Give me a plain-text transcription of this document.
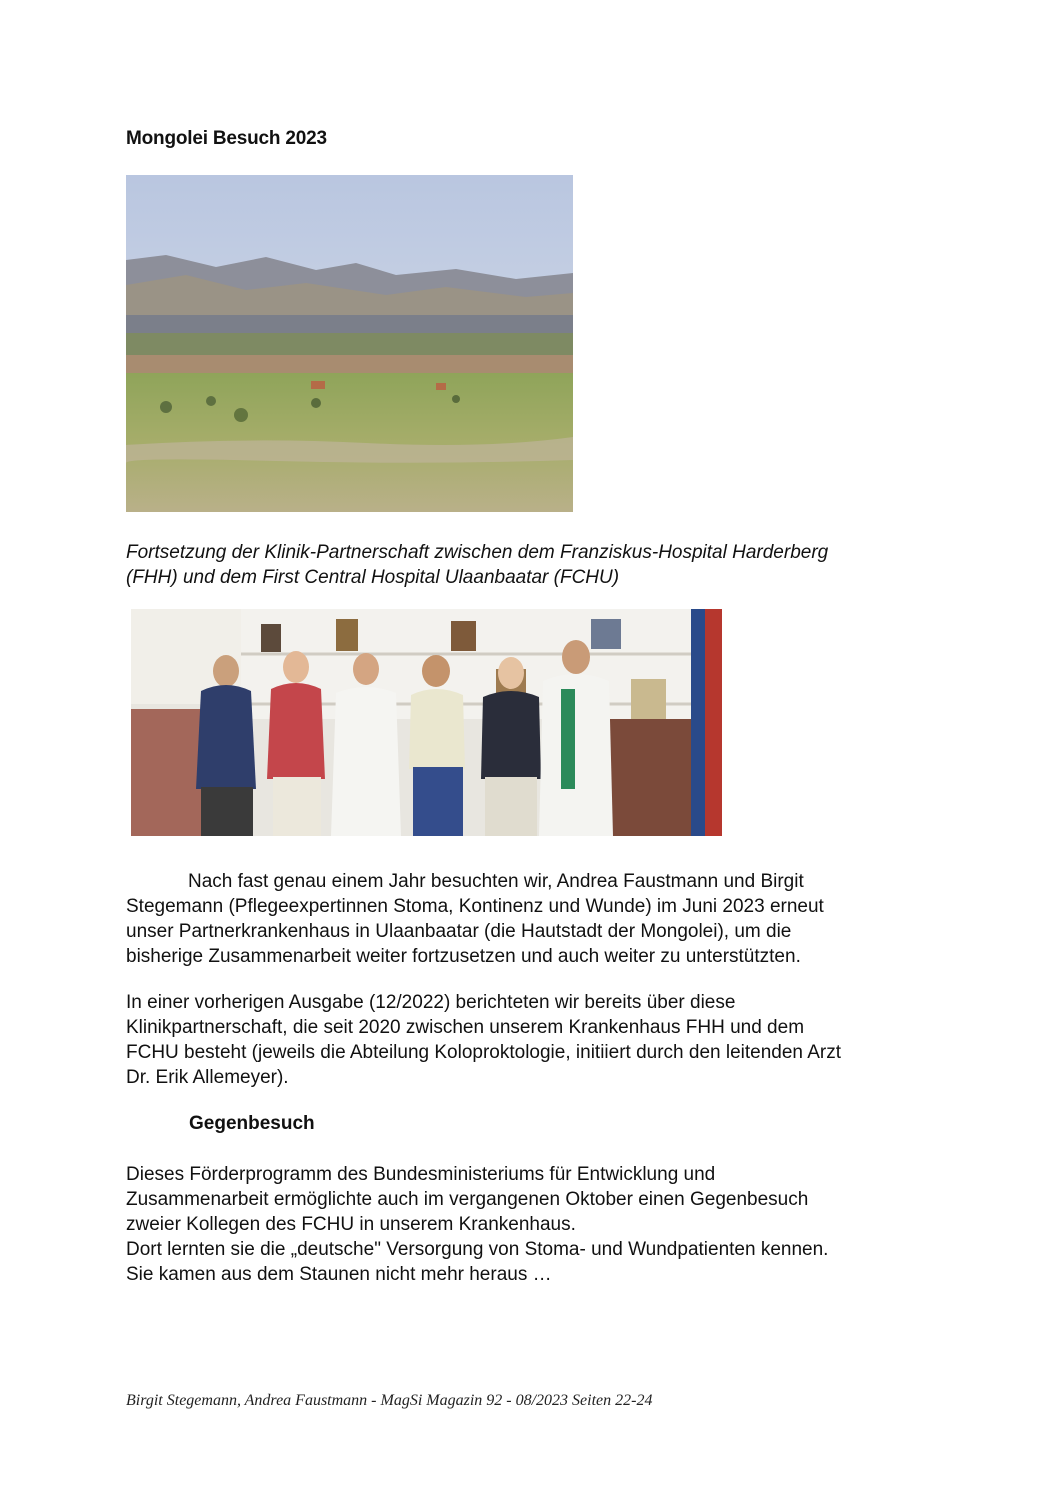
Mongolei Besuch 2023
Fortsetzung der Klinik-Partnerschaft zwischen dem Franziskus-Hospital Harderberg
(FHH) und dem First Central Hospital Ulaanbaatar (FCHU)
Nach fast genau einem Jahr besuchten wir, Andrea Faustmann und Birgit
Stegemann (Pflegeexpertinnen Stoma, Kontinenz und Wunde) im Juni 2023 erneut
unser Partnerkrankenhaus in Ulaanbaatar (die Hautstadt der Mongolei), um die
bisherige Zusammenarbeit weiter fortzusetzen und auch weiter zu unterstützten.
In einer vorherigen Ausgabe (12/2022) berichteten wir bereits über diese
Klinikpartnerschaft, die seit 2020 zwischen unserem Krankenhaus FHH und dem
FCHU besteht (jeweils die Abteilung Koloproktologie, initiiert durch den leitenden Arzt
Dr. Erik Allemeyer).
Gegenbesuch
Dieses Förderprogramm des Bundesministeriums für Entwicklung und
Zusammenarbeit ermöglichte auch im vergangenen Oktober einen Gegenbesuch
zweier Kollegen des FCHU in unserem Krankenhaus.
Dort lernten sie die „deutsche" Versorgung von Stoma- und Wundpatienten kennen.
Sie kamen aus dem Staunen nicht mehr heraus …
Birgit Stegemann, Andrea Faustmann - MagSi Magazin 92 - 08/2023 Seiten 22-24
